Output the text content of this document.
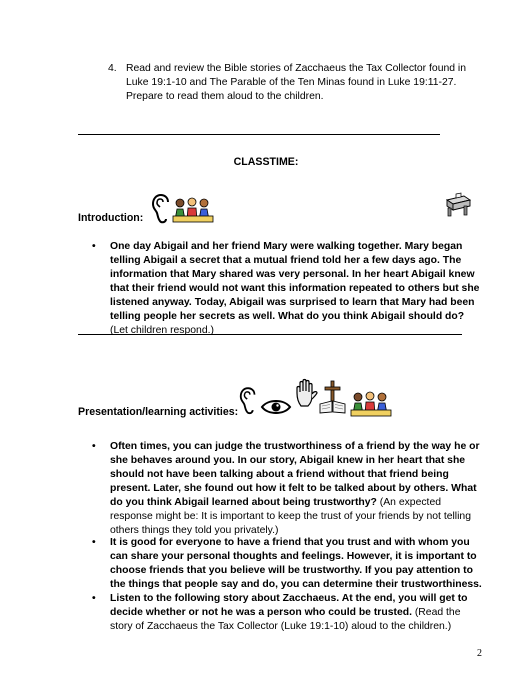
4. Read and review the Bible stories of Zacchaeus the Tax Collector found in Luke 19:1-10 and The Parable of the Ten Minas found in Luke 19:11-27. Prepare to read them aloud to the children.
CLASSTIME:
Introduction:
• One day Abigail and her friend Mary were walking together. Mary began telling Abigail a secret that a mutual friend told her a few days ago. The information that Mary shared was very personal. In her heart Abigail knew that their friend would not want this information repeated to others but she listened anyway. Today, Abigail was surprised to learn that Mary had been telling people her secrets as well. What do you think Abigail should do? (Let children respond.)
Presentation/learning activities:
• Often times, you can judge the trustworthiness of a friend by the way he or she behaves around you. In our story, Abigail knew in her heart that she should not have been talking about a friend without that friend being present. Later, she found out how it felt to be talked about by others. What do you think Abigail learned about being trustworthy? (An expected response might be: It is important to keep the trust of your friends by not telling others things they told you privately.)
• It is good for everyone to have a friend that you trust and with whom you can share your personal thoughts and feelings. However, it is important to choose friends that you believe will be trustworthy. If you pay attention to the things that people say and do, you can determine their trustworthiness.
• Listen to the following story about Zacchaeus. At the end, you will get to decide whether or not he was a person who could be trusted. (Read the story of Zacchaeus the Tax Collector (Luke 19:1-10) aloud to the children.)
2
